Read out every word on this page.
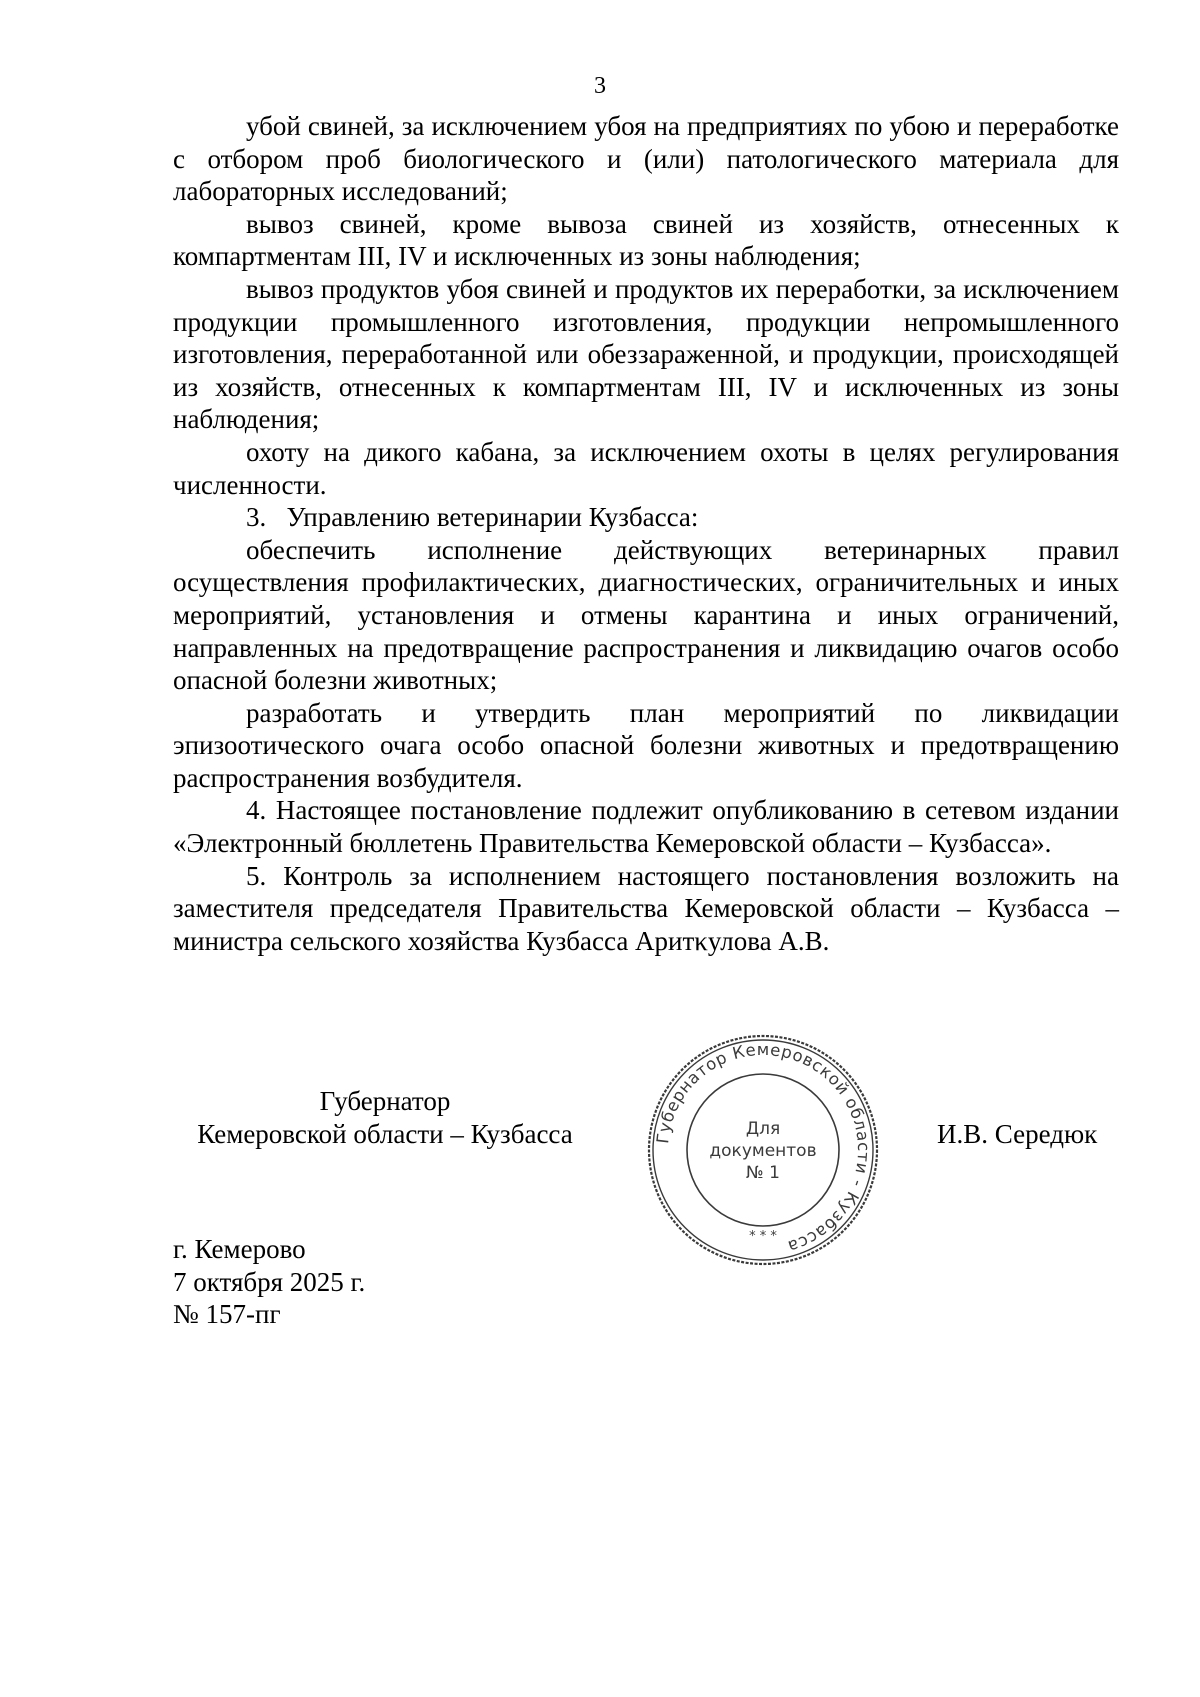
3

убой свиней, за исключением убоя на предприятиях по убою и переработке с отбором проб биологического и (или) патологического материала для лабораторных исследований;

вывоз свиней, кроме вывоза свиней из хозяйств, отнесенных к компартментам III, IV и исключенных из зоны наблюдения;

вывоз продуктов убоя свиней и продуктов их переработки, за исключением продукции промышленного изготовления, продукции непромышленного изготовления, переработанной или обеззараженной, и продукции, происходящей из хозяйств, отнесенных к компартментам III, IV и исключенных из зоны наблюдения;

охоту на дикого кабана, за исключением охоты в целях регулирования численности.

3.   Управлению ветеринарии Кузбасса:

обеспечить исполнение действующих ветеринарных правил осуществления профилактических, диагностических, ограничительных и иных мероприятий, установления и отмены карантина и иных ограничений, направленных на предотвращение распространения и ликвидацию очагов особо опасной болезни животных;

разработать и утвердить план мероприятий по ликвидации эпизоотического очага особо опасной болезни животных и предотвращению распространения возбудителя.

4. Настоящее постановление подлежит опубликованию в сетевом издании «Электронный бюллетень Правительства Кемеровской области – Кузбасса».

5. Контроль за исполнением настоящего постановления возложить на заместителя председателя Правительства Кемеровской области – Кузбасса – министра сельского хозяйства Кузбасса Аритκулова А.В.

Губернатор
Кемеровской области – Кузбасса	Губернатор Кемеровской области - Кузбасса
Для
документов
№ 1
* * *
И.В. Середюк
г. Кемерово
7 октября 2025 г.
№ 157-пг
